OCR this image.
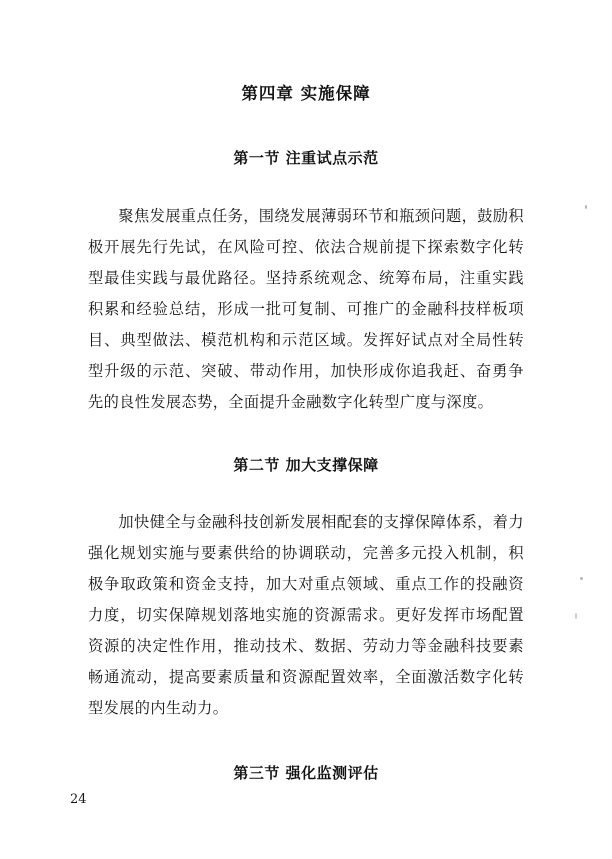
第四章 实施保障
第一节 注重试点示范

聚焦发展重点任务，围绕发展薄弱环节和瓶颈问题，鼓励积极开展先行先试，在风险可控、依法合规前提下探索数字化转型最佳实践与最优路径。坚持系统观念、统筹布局，注重实践积累和经验总结，形成一批可复制、可推广的金融科技样板项目、典型做法、模范机构和示范区域。发挥好试点对全局性转型升级的示范、突破、带动作用，加快形成你追我赶、奋勇争先的良性发展态势，全面提升金融数字化转型广度与深度。

第二节 加大支撑保障

加快健全与金融科技创新发展相配套的支撑保障体系，着力强化规划实施与要素供给的协调联动，完善多元投入机制，积极争取政策和资金支持，加大对重点领域、重点工作的投融资力度，切实保障规划落地实施的资源需求。更好发挥市场配置资源的决定性作用，推动技术、数据、劳动力等金融科技要素畅通流动，提高要素质量和资源配置效率，全面激活数字化转型发展的内生动力。

第三节 强化监测评估
24
